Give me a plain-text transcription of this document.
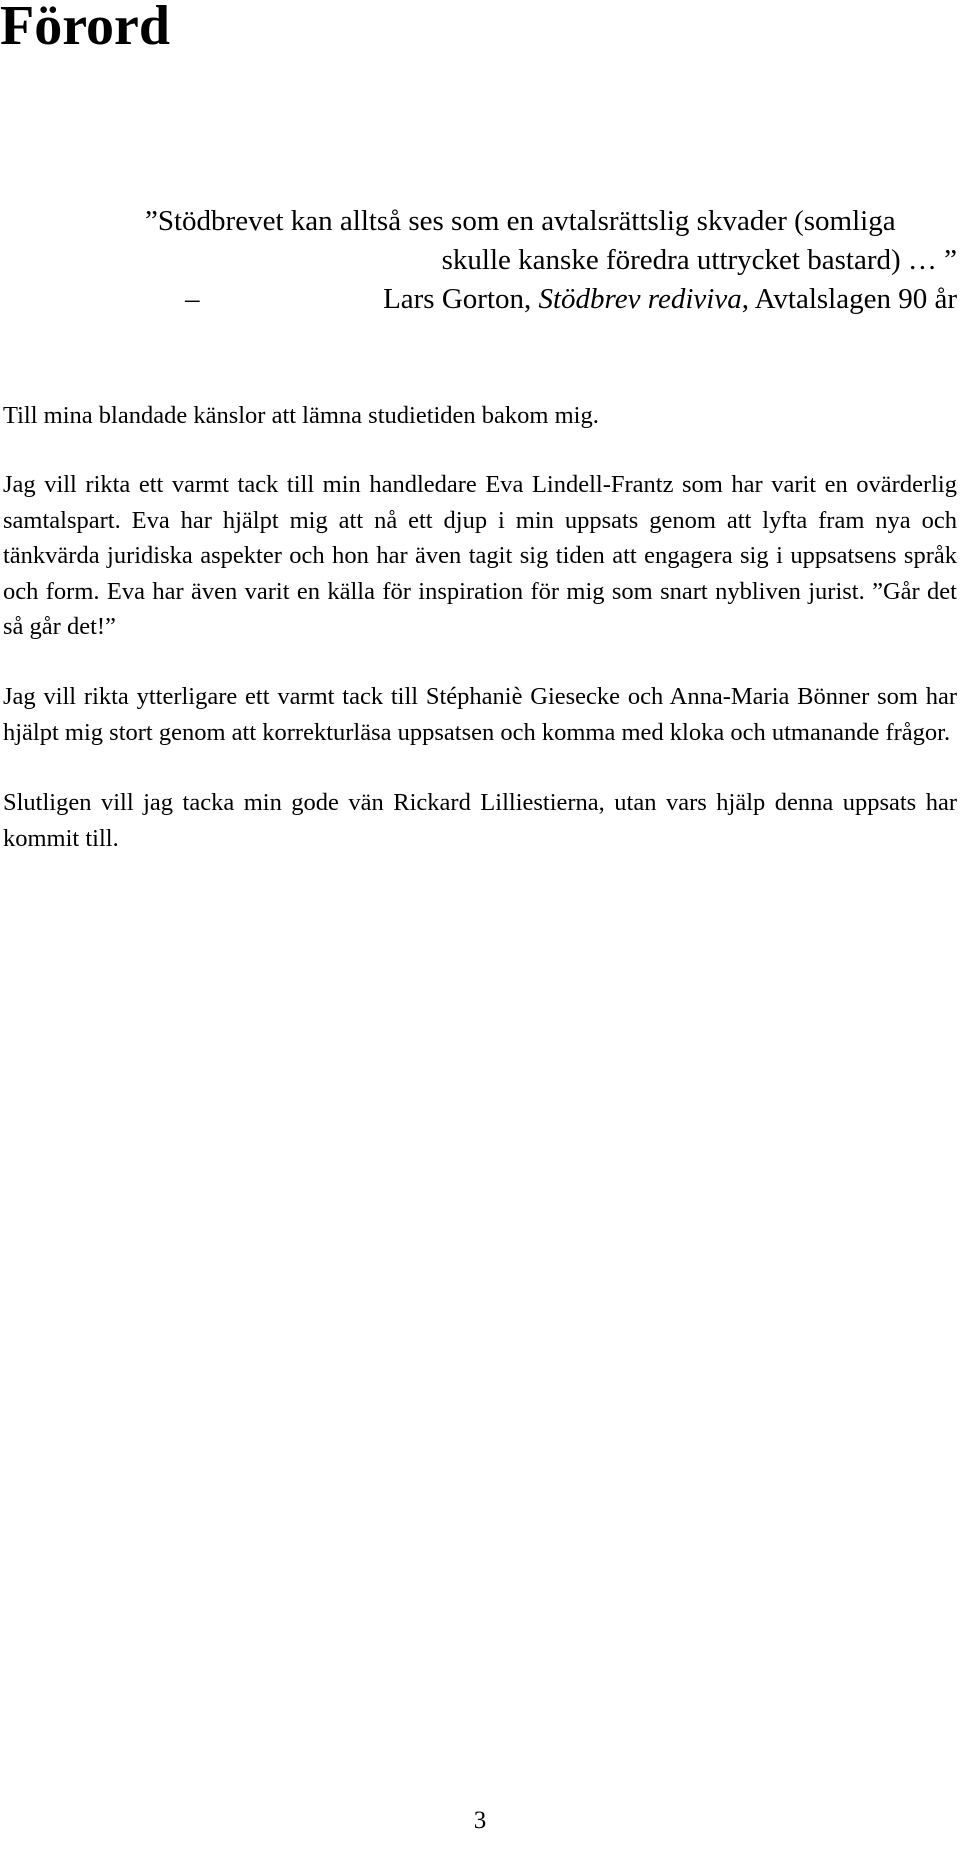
Förord
”Stödbrevet kan alltså ses som en avtalsrättslig skvader (somliga
skulle kanske föredra uttrycket bastard) … ”
–	Lars Gorton, Stödbrev rediviva, Avtalslagen 90 år

Till mina blandade känslor att lämna studietiden bakom mig.

Jag vill rikta ett varmt tack till min handledare Eva Lindell-Frantz som har varit en ovärderlig samtalspart. Eva har hjälpt mig att nå ett djup i min uppsats genom att lyfta fram nya och tänkvärda juridiska aspekter och hon har även tagit sig tiden att engagera sig i uppsatsens språk och form. Eva har även varit en källa för inspiration för mig som snart nybliven jurist. ”Går det så går det!”

Jag vill rikta ytterligare ett varmt tack till Stéphaniè Giesecke och Anna-Maria Bönner som har hjälpt mig stort genom att korrekturläsa uppsatsen och komma med kloka och utmanande frågor.

Slutligen vill jag tacka min gode vän Rickard Lilliestierna, utan vars hjälp denna uppsats har kommit till.

3
